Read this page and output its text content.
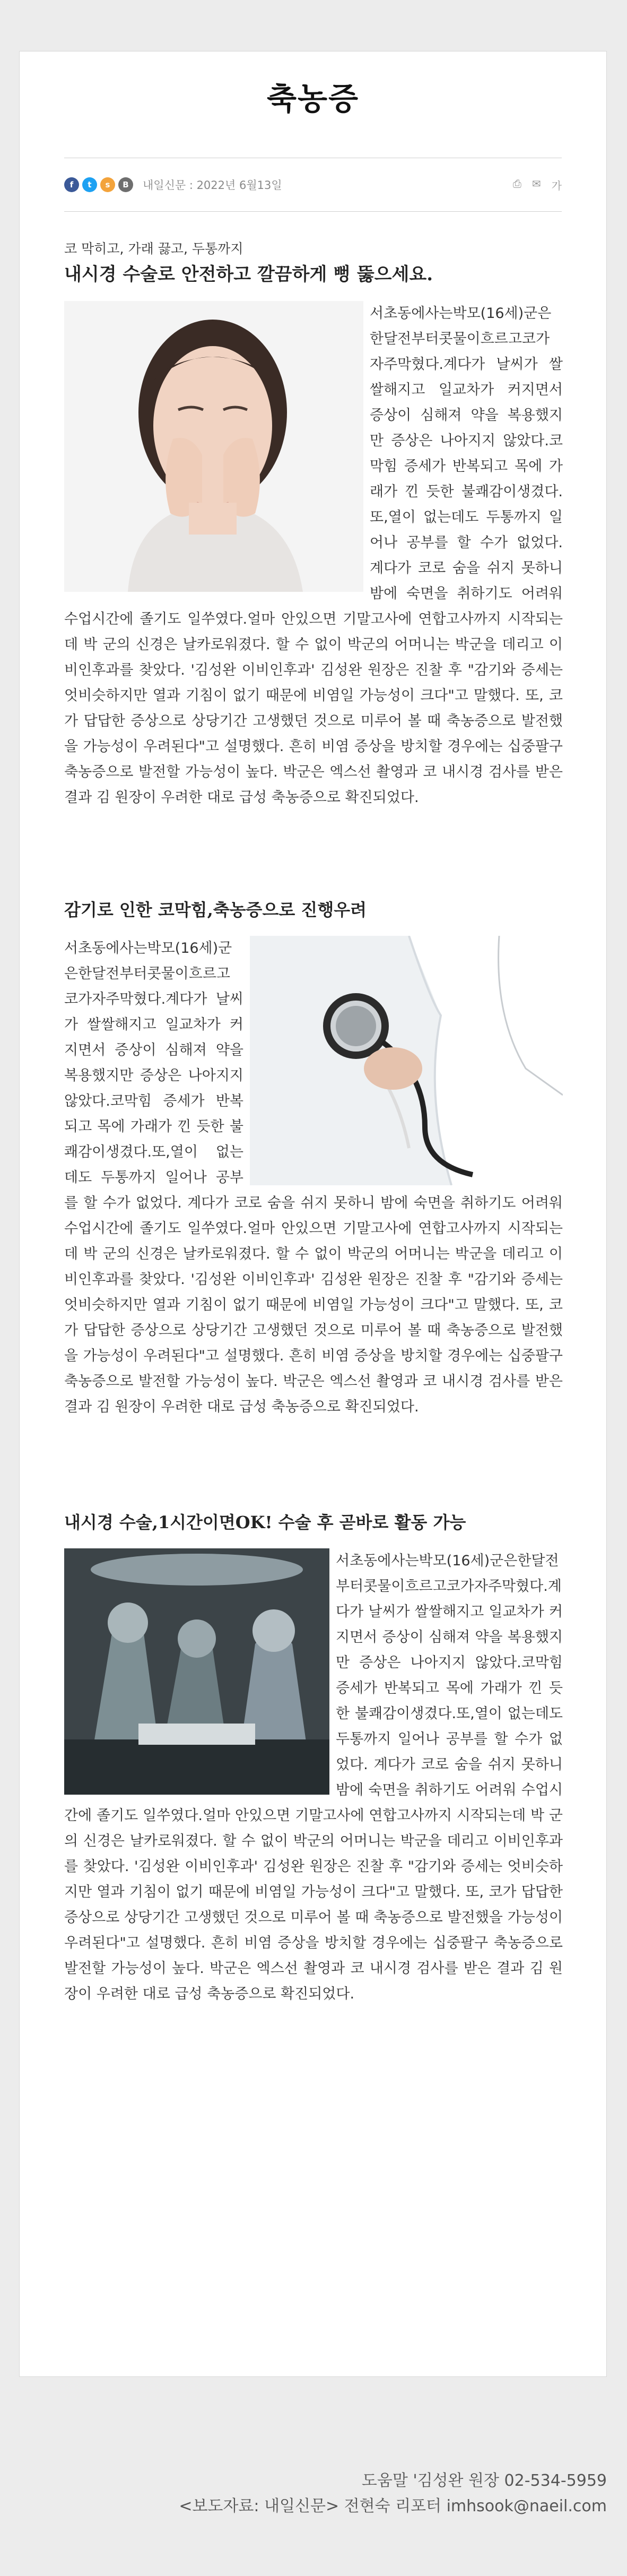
축농증
f	t	s	B	내일신문 : 2022년 6월13일	⎙ ✉ 가
코 막히고, 가래 끓고, 두통까지
내시경 수술로 안전하고 깔끔하게 뻥 뚫으세요.

서초동에사는박모(16세)군은한달전부터콧물이흐르고코가자주막혔다.계다가 날씨가 쌀쌀해지고 일교차가 커지면서 증상이 심해져 약을 복용했지만 증상은 나아지지 않았다.코막힘 증세가 반복되고 목에 가래가 낀 듯한 불쾌감이생겼다.또,열이 없는데도 두통까지 일어나 공부를 할 수가 없었다. 계다가 코로 숨을 쉬지 못하니 밤에 숙면을 취하기도 어려워 수업시간에 졸기도 일쑤였다.얼마 안있으면 기말고사에 연합고사까지 시작되는데 박 군의 신경은 날카로워졌다. 할 수 없이 박군의 어머니는 박군을 데리고 이비인후과를 찾았다. '김성완 이비인후과' 김성완 원장은 진찰 후 "감기와 증세는 엇비슷하지만 열과 기침이 없기 때문에 비염일 가능성이 크다"고 말했다. 또, 코가 답답한 증상으로 상당기간 고생했던 것으로 미루어 볼 때 축농증으로 발전했을 가능성이 우려된다"고 설명했다. 흔히 비염 증상을 방치할 경우에는 십중팔구 축농증으로 발전할 가능성이 높다. 박군은 엑스선 촬영과 코 내시경 검사를 받은 결과 김 원장이 우려한 대로 급성 축농증으로 확진되었다.

감기로 인한 코막힘,축농증으로 진행우려

서초동에사는박모(16세)군은한달전부터콧물이흐르고코가자주막혔다.계다가 날씨가 쌀쌀해지고 일교차가 커지면서 증상이 심해져 약을 복용했지만 증상은 나아지지 않았다.코막힘 증세가 반복되고 목에 가래가 낀 듯한 불쾌감이생겼다.또,열이 없는데도 두통까지 일어나 공부를 할 수가 없었다. 계다가 코로 숨을 쉬지 못하니 밤에 숙면을 취하기도 어려워 수업시간에 졸기도 일쑤였다.얼마 안있으면 기말고사에 연합고사까지 시작되는데 박 군의 신경은 날카로워졌다. 할 수 없이 박군의 어머니는 박군을 데리고 이비인후과를 찾았다. '김성완 이비인후과' 김성완 원장은 진찰 후 "감기와 증세는 엇비슷하지만 열과 기침이 없기 때문에 비염일 가능성이 크다"고 말했다. 또, 코가 답답한 증상으로 상당기간 고생했던 것으로 미루어 볼 때 축농증으로 발전했을 가능성이 우려된다"고 설명했다. 흔히 비염 증상을 방치할 경우에는 십중팔구 축농증으로 발전할 가능성이 높다. 박군은 엑스선 촬영과 코 내시경 검사를 받은 결과 김 원장이 우려한 대로 급성 축농증으로 확진되었다.

내시경 수술,1시간이면OK! 수술 후 곧바로 활동 가능

서초동에사는박모(16세)군은한달전부터콧물이흐르고코가자주막혔다.계다가 날씨가 쌀쌀해지고 일교차가 커지면서 증상이 심해져 약을 복용했지만 증상은 나아지지 않았다.코막힘 증세가 반복되고 목에 가래가 낀 듯한 불쾌감이생겼다.또,열이 없는데도 두통까지 일어나 공부를 할 수가 없었다. 계다가 코로 숨을 쉬지 못하니 밤에 숙면을 취하기도 어려워 수업시간에 졸기도 일쑤였다.얼마 안있으면 기말고사에 연합고사까지 시작되는데 박 군의 신경은 날카로워졌다. 할 수 없이 박군의 어머니는 박군을 데리고 이비인후과를 찾았다. '김성완 이비인후과' 김성완 원장은 진찰 후 "감기와 증세는 엇비슷하지만 열과 기침이 없기 때문에 비염일 가능성이 크다"고 말했다. 또, 코가 답답한 증상으로 상당기간 고생했던 것으로 미루어 볼 때 축농증으로 발전했을 가능성이 우려된다"고 설명했다. 흔히 비염 증상을 방치할 경우에는 십중팔구 축농증으로 발전할 가능성이 높다. 박군은 엑스선 촬영과 코 내시경 검사를 받은 결과 김 원장이 우려한 대로 급성 축농증으로 확진되었다.

도움말 '김성완 원장 02-534-5959
<보도자료: 내일신문> 전현숙 리포터 imhsook@naeil.com
